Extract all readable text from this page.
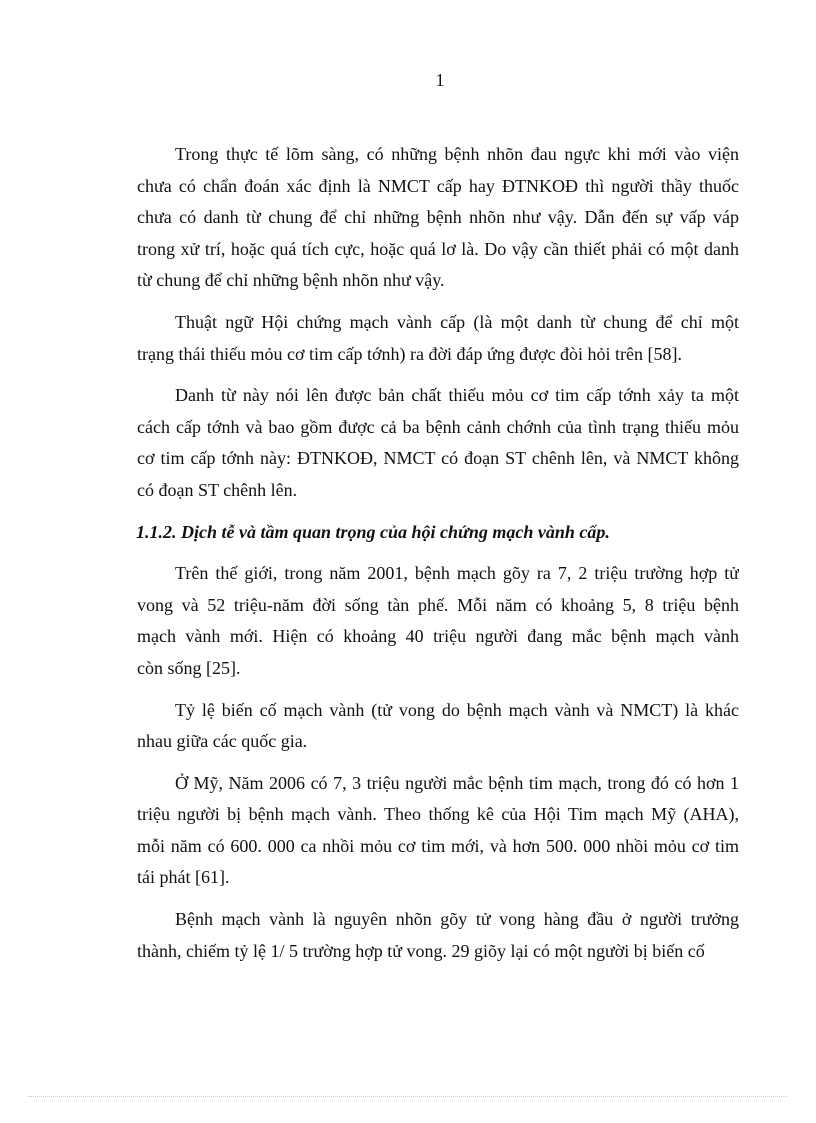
1
Trong thực tế lõm sàng, có những bệnh nhõn đau ngực khi mới vào viện
chưa có chẩn đoán xác định là NMCT cấp hay ĐTNKOĐ thì người thầy thuốc
chưa có danh từ chung để chỉ những bệnh nhõn như vậy. Dẫn đến sự vấp váp
trong xử trí, hoặc quá tích cực, hoặc quá lơ là. Do vậy cần thiết phải có một danh
từ chung để chỉ những bệnh nhõn như vậy.
Thuật ngữ Hội chứng mạch vành cấp (là một danh từ chung để chỉ một
trạng thái thiếu mỏu cơ tim cấp tớnh) ra đời đáp ứng được đòi hỏi trên [58].
Danh từ này nói lên được bản chất thiếu mỏu cơ tim cấp tớnh xảy ta một
cách cấp tớnh và bao gồm được cả ba bệnh cảnh chớnh của tình trạng thiếu mỏu
cơ tim cấp tớnh này: ĐTNKOĐ, NMCT có đoạn ST chênh lên, và NMCT không
có đoạn ST chênh lên.
1.1.2. Dịch tễ và tầm quan trọng của hội chứng mạch vành cấp.
Trên thế giới, trong năm 2001, bệnh mạch gõy ra 7, 2 triệu trường hợp tử
vong và 52 triệu-năm đời sống tàn phế. Mỗi năm có khoảng 5, 8 triệu bệnh
mạch vành mới. Hiện có khoảng 40 triệu người đang mắc bệnh mạch vành
còn sống [25].
Tỷ lệ biến cố mạch vành (tử vong do bệnh mạch vành và NMCT) là khác
nhau giữa các quốc gia.
Ở Mỹ, Năm 2006 có 7, 3 triệu người mắc bệnh tim mạch, trong đó có hơn 1
triệu người bị bệnh mạch vành. Theo thống kê của Hội Tim mạch Mỹ (AHA),
mỗi năm có 600. 000 ca nhồi mỏu cơ tim mới, và hơn 500. 000 nhồi mỏu cơ tim
tái phát [61].
Bệnh mạch vành là nguyên nhõn gõy tử vong hàng đầu ở người trưởng
thành, chiếm tỷ lệ 1/ 5 trường hợp tử vong. 29 giõy lại có một người bị biến cố
